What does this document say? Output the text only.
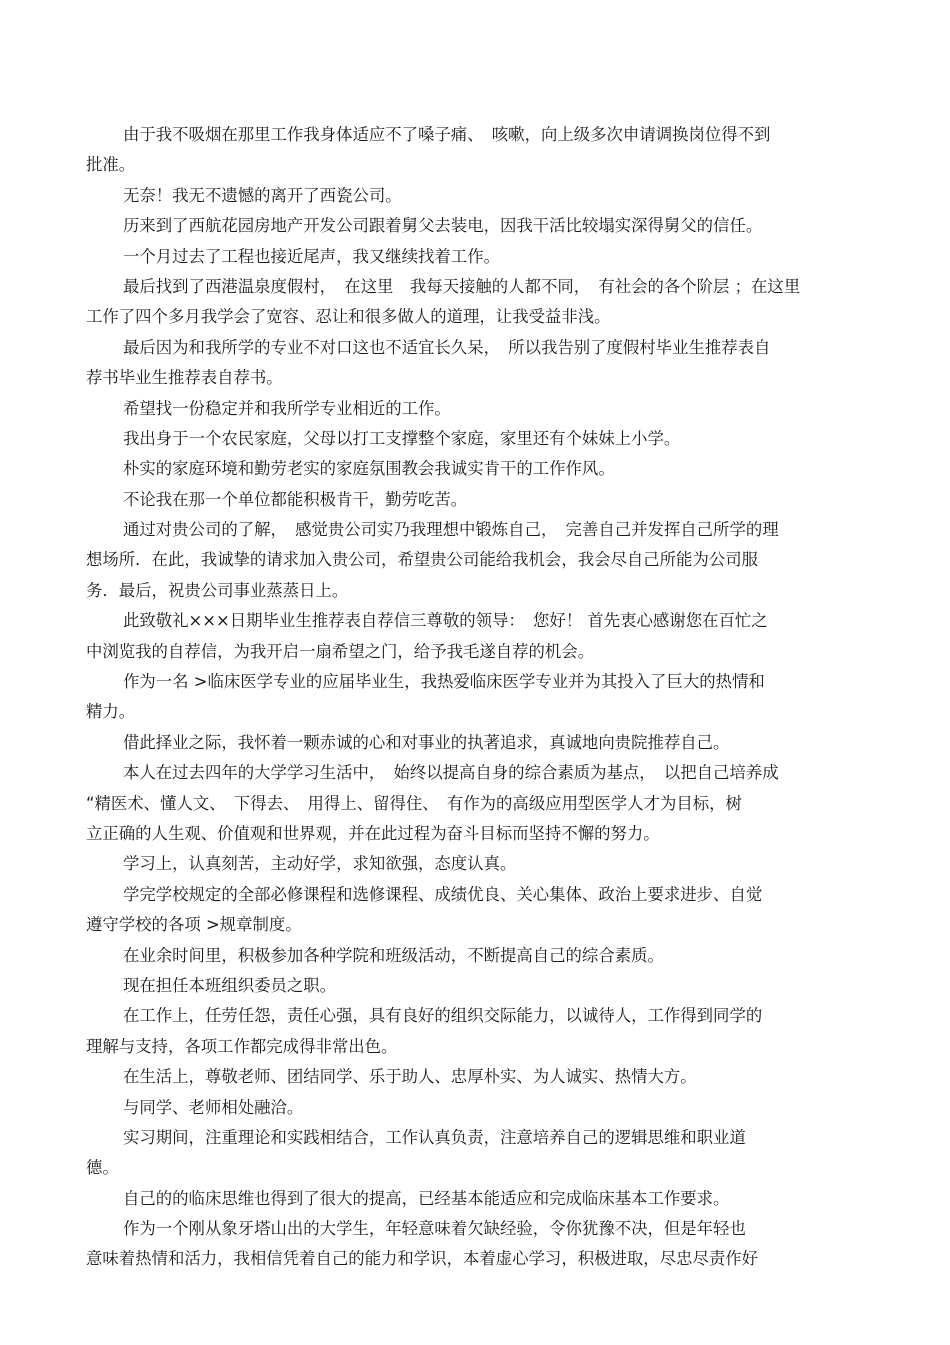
由于我不吸烟在那里工作我身体适应不了嗓子痛、　咳嗽，向上级多次申请调换岗位得不到
批准。
无奈！我无不遗憾的离开了西瓷公司。
历来到了西航花园房地产开发公司跟着舅父去装电，因我干活比较塌实深得舅父的信任。
一个月过去了工程也接近尾声，我又继续找着工作。
最后找到了西港温泉度假村，　在这里　我每天接触的人都不同，　有社会的各个阶层 ；在这里
工作了四个多月我学会了宽容、忍让和很多做人的道理，让我受益非浅。
最后因为和我所学的专业不对口这也不适宜长久呆，　所以我告别了度假村毕业生推荐表自
荐书毕业生推荐表自荐书。
希望找一份稳定并和我所学专业相近的工作。
我出身于一个农民家庭，父母以打工支撑整个家庭，家里还有个妹妹上小学。
朴实的家庭环境和勤劳老实的家庭氛围教会我诚实肯干的工作作风。
不论我在那一个单位都能积极肯干，勤劳吃苦。
通过对贵公司的了解，　感觉贵公司实乃我理想中锻炼自己，　完善自己并发挥自己所学的理
想场所．在此，我诚挚的请求加入贵公司，希望贵公司能给我机会，我会尽自己所能为公司服
务．最后，祝贵公司事业蒸蒸日上。
此致敬礼×××日期毕业生推荐表自荐信三尊敬的领导：　您好！ 首先衷心感谢您在百忙之
中浏览我的自荐信，为我开启一扇希望之门，给予我毛遂自荐的机会。
作为一名 >临床医学专业的应届毕业生，我热爱临床医学专业并为其投入了巨大的热情和
精力。
借此择业之际，我怀着一颗赤诚的心和对事业的执著追求，真诚地向贵院推荐自己。
本人在过去四年的大学学习生活中，　始终以提高自身的综合素质为基点，　以把自己培养成
“精医术、懂人文、　下得去、　用得上、留得住、　有作为的高级应用型医学人才为目标，树
立正确的人生观、价值观和世界观，并在此过程为奋斗目标而坚持不懈的努力。
学习上，认真刻苦，主动好学，求知欲强，态度认真。
学完学校规定的全部必修课程和选修课程、成绩优良、关心集体、政治上要求进步、自觉
遵守学校的各项 >规章制度。
在业余时间里，积极参加各种学院和班级活动，不断提高自己的综合素质。
现在担任本班组织委员之职。
在工作上，任劳任怨，责任心强，具有良好的组织交际能力，以诚待人，工作得到同学的
理解与支持，各项工作都完成得非常出色。
在生活上，尊敬老师、团结同学、乐于助人、忠厚朴实、为人诚实、热情大方。
与同学、老师相处融洽。
实习期间，注重理论和实践相结合，工作认真负责，注意培养自己的逻辑思维和职业道
德。
自己的的临床思维也得到了很大的提高，已经基本能适应和完成临床基本工作要求。
作为一个刚从象牙塔山出的大学生，年轻意味着欠缺经验，令你犹豫不决，但是年轻也
意味着热情和活力，我相信凭着自己的能力和学识，本着虚心学习，积极进取，尽忠尽责作好
